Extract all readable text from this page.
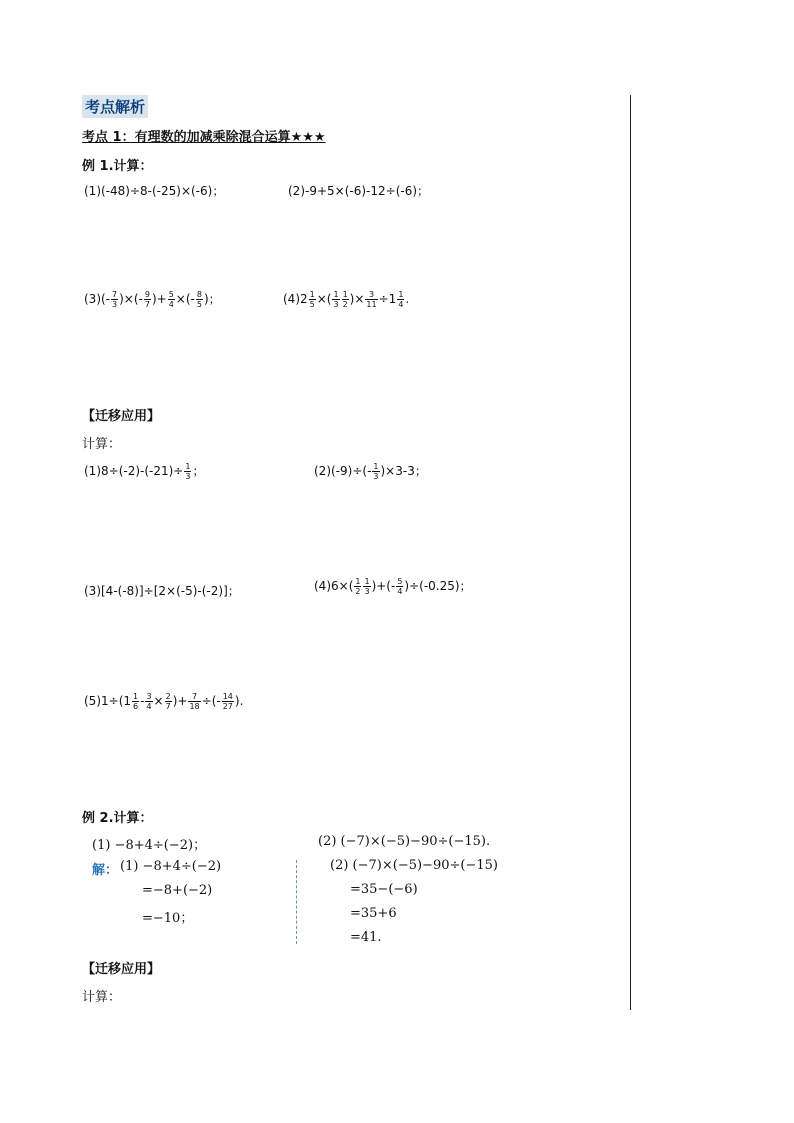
考点解析
考点 1：有理数的加减乘除混合运算★★★
例 1.计算：
(1)(-48)÷8-(-25)×(-6)；	(2)-9+5×(-6)-12÷(-6)；
$(3)(- \frac{7}{3}$ )×(- $\frac{9}{7}$ )+ $\frac{5}{4}$ ×(- $\frac{8}{5}$ )；	$(4)2 \frac{1}{5}$ ×( $\frac{1}{3} \frac{1}{2}$ )× $\frac{3}{11} \div 1 \frac{1}{4}$ .
【迁移应用】
计算：
$(1)8\div(-2)-(-21)\div \frac{1}{3}$ ；	$(2)(-9)\div(- \frac{1}{3} )\times 3-3$；
(3)[4-(-8)]÷[2×(-5)-(-2)]；	$(4)6\times( \frac{1}{2} \frac{1}{3}$ )+(- $\frac{5}{4} )\div(-0.25)$；
$(5)1\div(1 \frac{1}{6} - \frac{3}{4} \times \frac{2}{7}$ )+ $\frac{7}{18}$ ÷(- $\frac{14}{27}$ ).
例 2.计算：
(1) −8+4÷(−2)；	(2) (−7)×(−5)−90÷(−15).
解： (1) −8+4÷(−2)
=−8+(−2)
=−10；
(2) (−7)×(−5)−90÷(−15)
=35−(−6)
=35+6
=41.
【迁移应用】
计算：
